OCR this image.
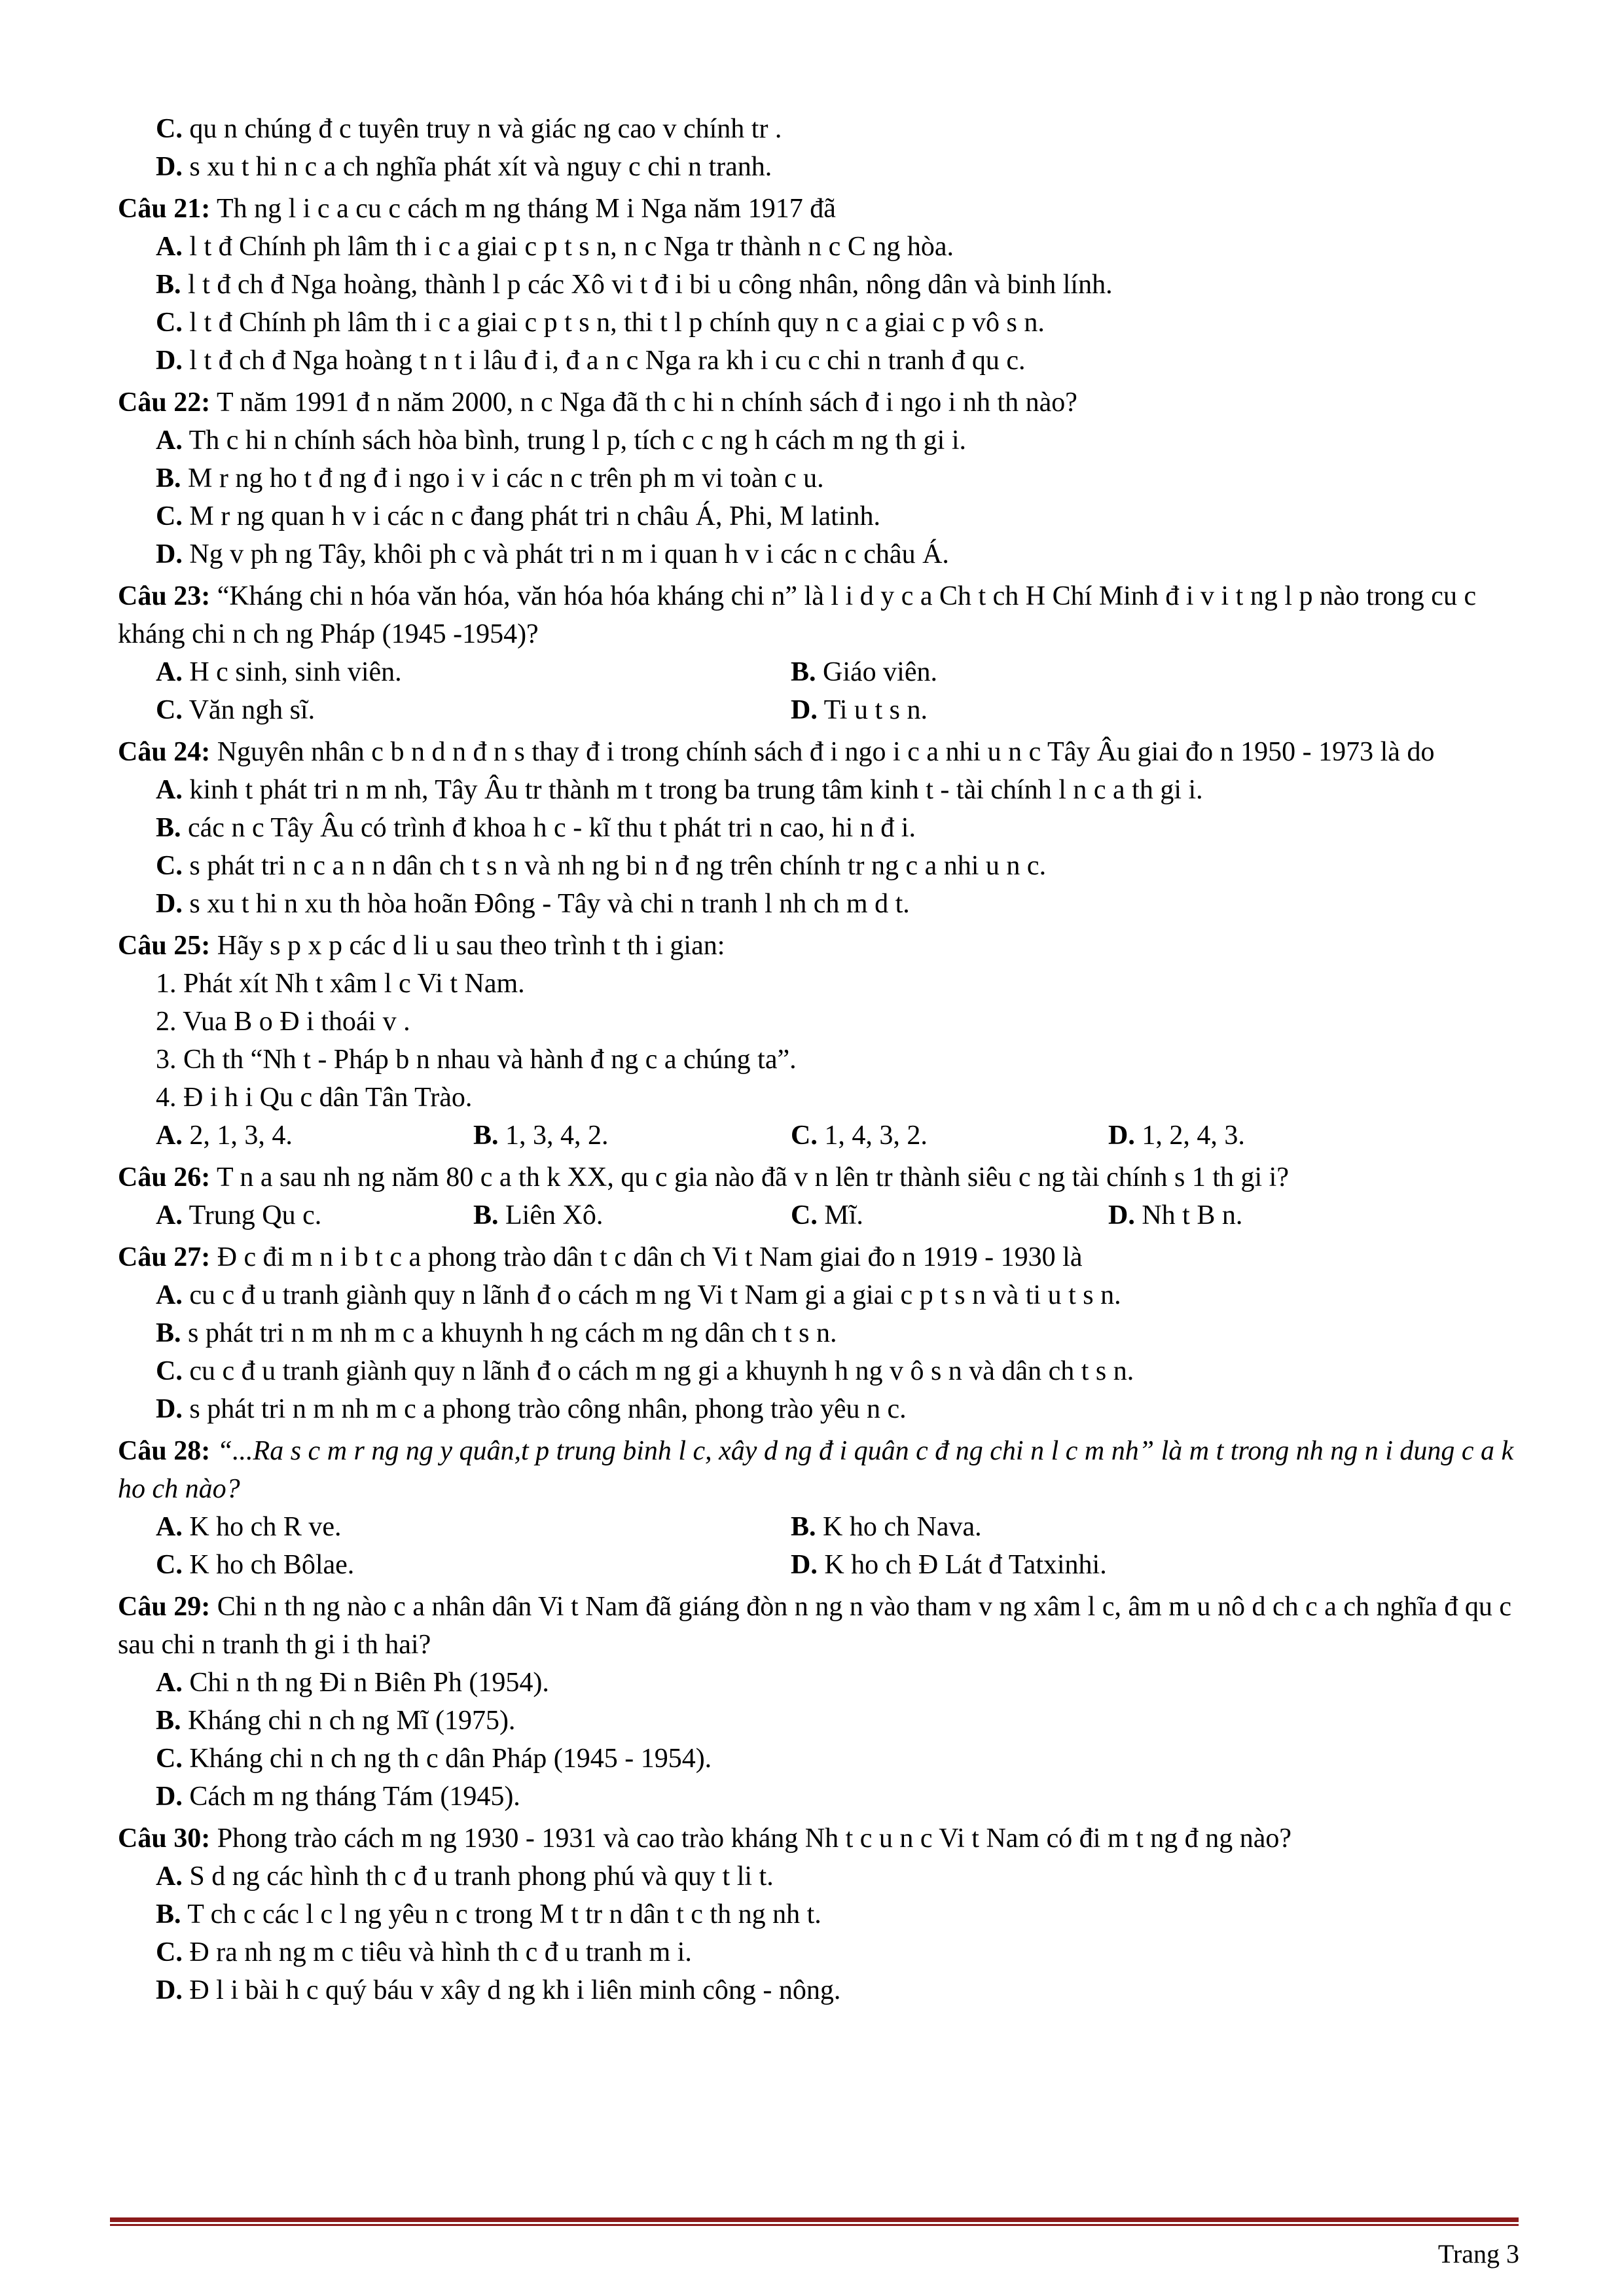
C. qu n chúng đ c tuyên truy n và giác ng cao v chính tr .
D. s xu t hi n c a ch nghĩa phát xít và nguy c chi n tranh.
Câu 21: Th ng l i c a cu c cách m ng tháng M i Nga năm 1917 đã
A. l t đ Chính ph lâm th i c a giai c p t s n, n c Nga tr thành n c C ng hòa.
B. l t đ ch đ Nga hoàng, thành l p các Xô vi t đ i bi u công nhân, nông dân và binh lính.
C. l t đ Chính ph lâm th i c a giai c p t s n, thi t l p chính quy n c a giai c p vô s n.
D. l t đ ch đ Nga hoàng t n t i lâu đ i, đ a n c Nga ra kh i cu c chi n tranh đ qu c.
Câu 22: T năm 1991 đ n năm 2000, n c Nga đã th c hi n chính sách đ i ngo i nh th nào?
A. Th c hi n chính sách hòa bình, trung l p, tích c c ng h cách m ng th gi i.
B. M r ng ho t đ ng đ i ngo i v i các n c trên ph m vi toàn c u.
C. M r ng quan h v i các n c đang phát tri n châu Á, Phi, M latinh.
D. Ng v ph ng Tây, khôi ph c và phát tri n m i quan h v i các n c châu Á.
Câu 23: “Kháng chi n hóa văn hóa, văn hóa hóa kháng chi n” là l i d y c a Ch t ch H Chí Minh đ i v i t ng l p nào trong cu c kháng chi n ch ng Pháp (1945 -1954)?
A. H c sinh, sinh viên.	B. Giáo viên.
C. Văn ngh sĩ.	D. Ti u t s n.
Câu 24: Nguyên nhân c b n d n đ n s thay đ i trong chính sách đ i ngo i c a nhi u n c Tây Âu giai đo n 1950 - 1973 là do
A. kinh t phát tri n m nh, Tây Âu tr thành m t trong ba trung tâm kinh t - tài chính l n c a th gi i.
B. các n c Tây Âu có trình đ khoa h c - kĩ thu t phát tri n cao, hi n đ i.
C. s phát tri n c a n n dân ch t s n và nh ng bi n đ ng trên chính tr ng c a nhi u n c.
D. s xu t hi n xu th hòa hoãn Đông - Tây và chi n tranh l nh ch m d t.
Câu 25: Hãy s p x p các d li u sau theo trình t th i gian:
1. Phát xít Nh t xâm l c Vi t Nam.
2. Vua B o Đ i thoái v .
3. Ch th “Nh t - Pháp b n nhau và hành đ ng c a chúng ta”.
4. Đ i h i Qu c dân Tân Trào.
A. 2, 1, 3, 4.	B. 1, 3, 4, 2.	C. 1, 4, 3, 2.	D. 1, 2, 4, 3.
Câu 26: T n a sau nh ng năm 80 c a th k XX, qu c gia nào đã v n lên tr thành siêu c ng tài chính s 1 th gi i?
A. Trung Qu c.	B. Liên Xô.	C. Mĩ.	D. Nh t B n.
Câu 27: Đ c đi m n i b t c a phong trào dân t c dân ch Vi t Nam giai đo n 1919 - 1930 là
A. cu c đ u tranh giành quy n lãnh đ o cách m ng Vi t Nam gi a giai c p t s n và ti u t s n.
B. s phát tri n m nh m c a khuynh h ng cách m ng dân ch t s n.
C. cu c đ u tranh giành quy n lãnh đ o cách m ng gi a khuynh h ng v ô s n và dân ch t s n.
D. s phát tri n m nh m c a phong trào công nhân, phong trào yêu n c.
Câu 28: “...Ra s c m r ng ng y quân,t p trung binh l c, xây d ng đ i quân c đ ng chi n l c m nh” là m t trong nh ng n i dung c a k ho ch nào?
A. K ho ch R ve.	B. K ho ch Nava.
C. K ho ch Bôlae.	D. K ho ch Đ Lát đ Tatxinhi.
Câu 29: Chi n th ng nào c a nhân dân Vi t Nam đã giáng đòn n ng n vào tham v ng xâm l c, âm m u nô d ch c a ch nghĩa đ qu c sau chi n tranh th gi i th hai?
A. Chi n th ng Đi n Biên Ph (1954).
B. Kháng chi n ch ng Mĩ (1975).
C. Kháng chi n ch ng th c dân Pháp (1945 - 1954).
D. Cách m ng tháng Tám (1945).
Câu 30: Phong trào cách m ng 1930 - 1931 và cao trào kháng Nh t c u n c Vi t Nam có đi m t ng đ ng nào?
A. S d ng các hình th c đ u tranh phong phú và quy t li t.
B. T ch c các l c l ng yêu n c trong M t tr n dân t c th ng nh t.
C. Đ ra nh ng m c tiêu và hình th c đ u tranh m i.
D. Đ l i bài h c quý báu v xây d ng kh i liên minh công - nông.
Trang 3
